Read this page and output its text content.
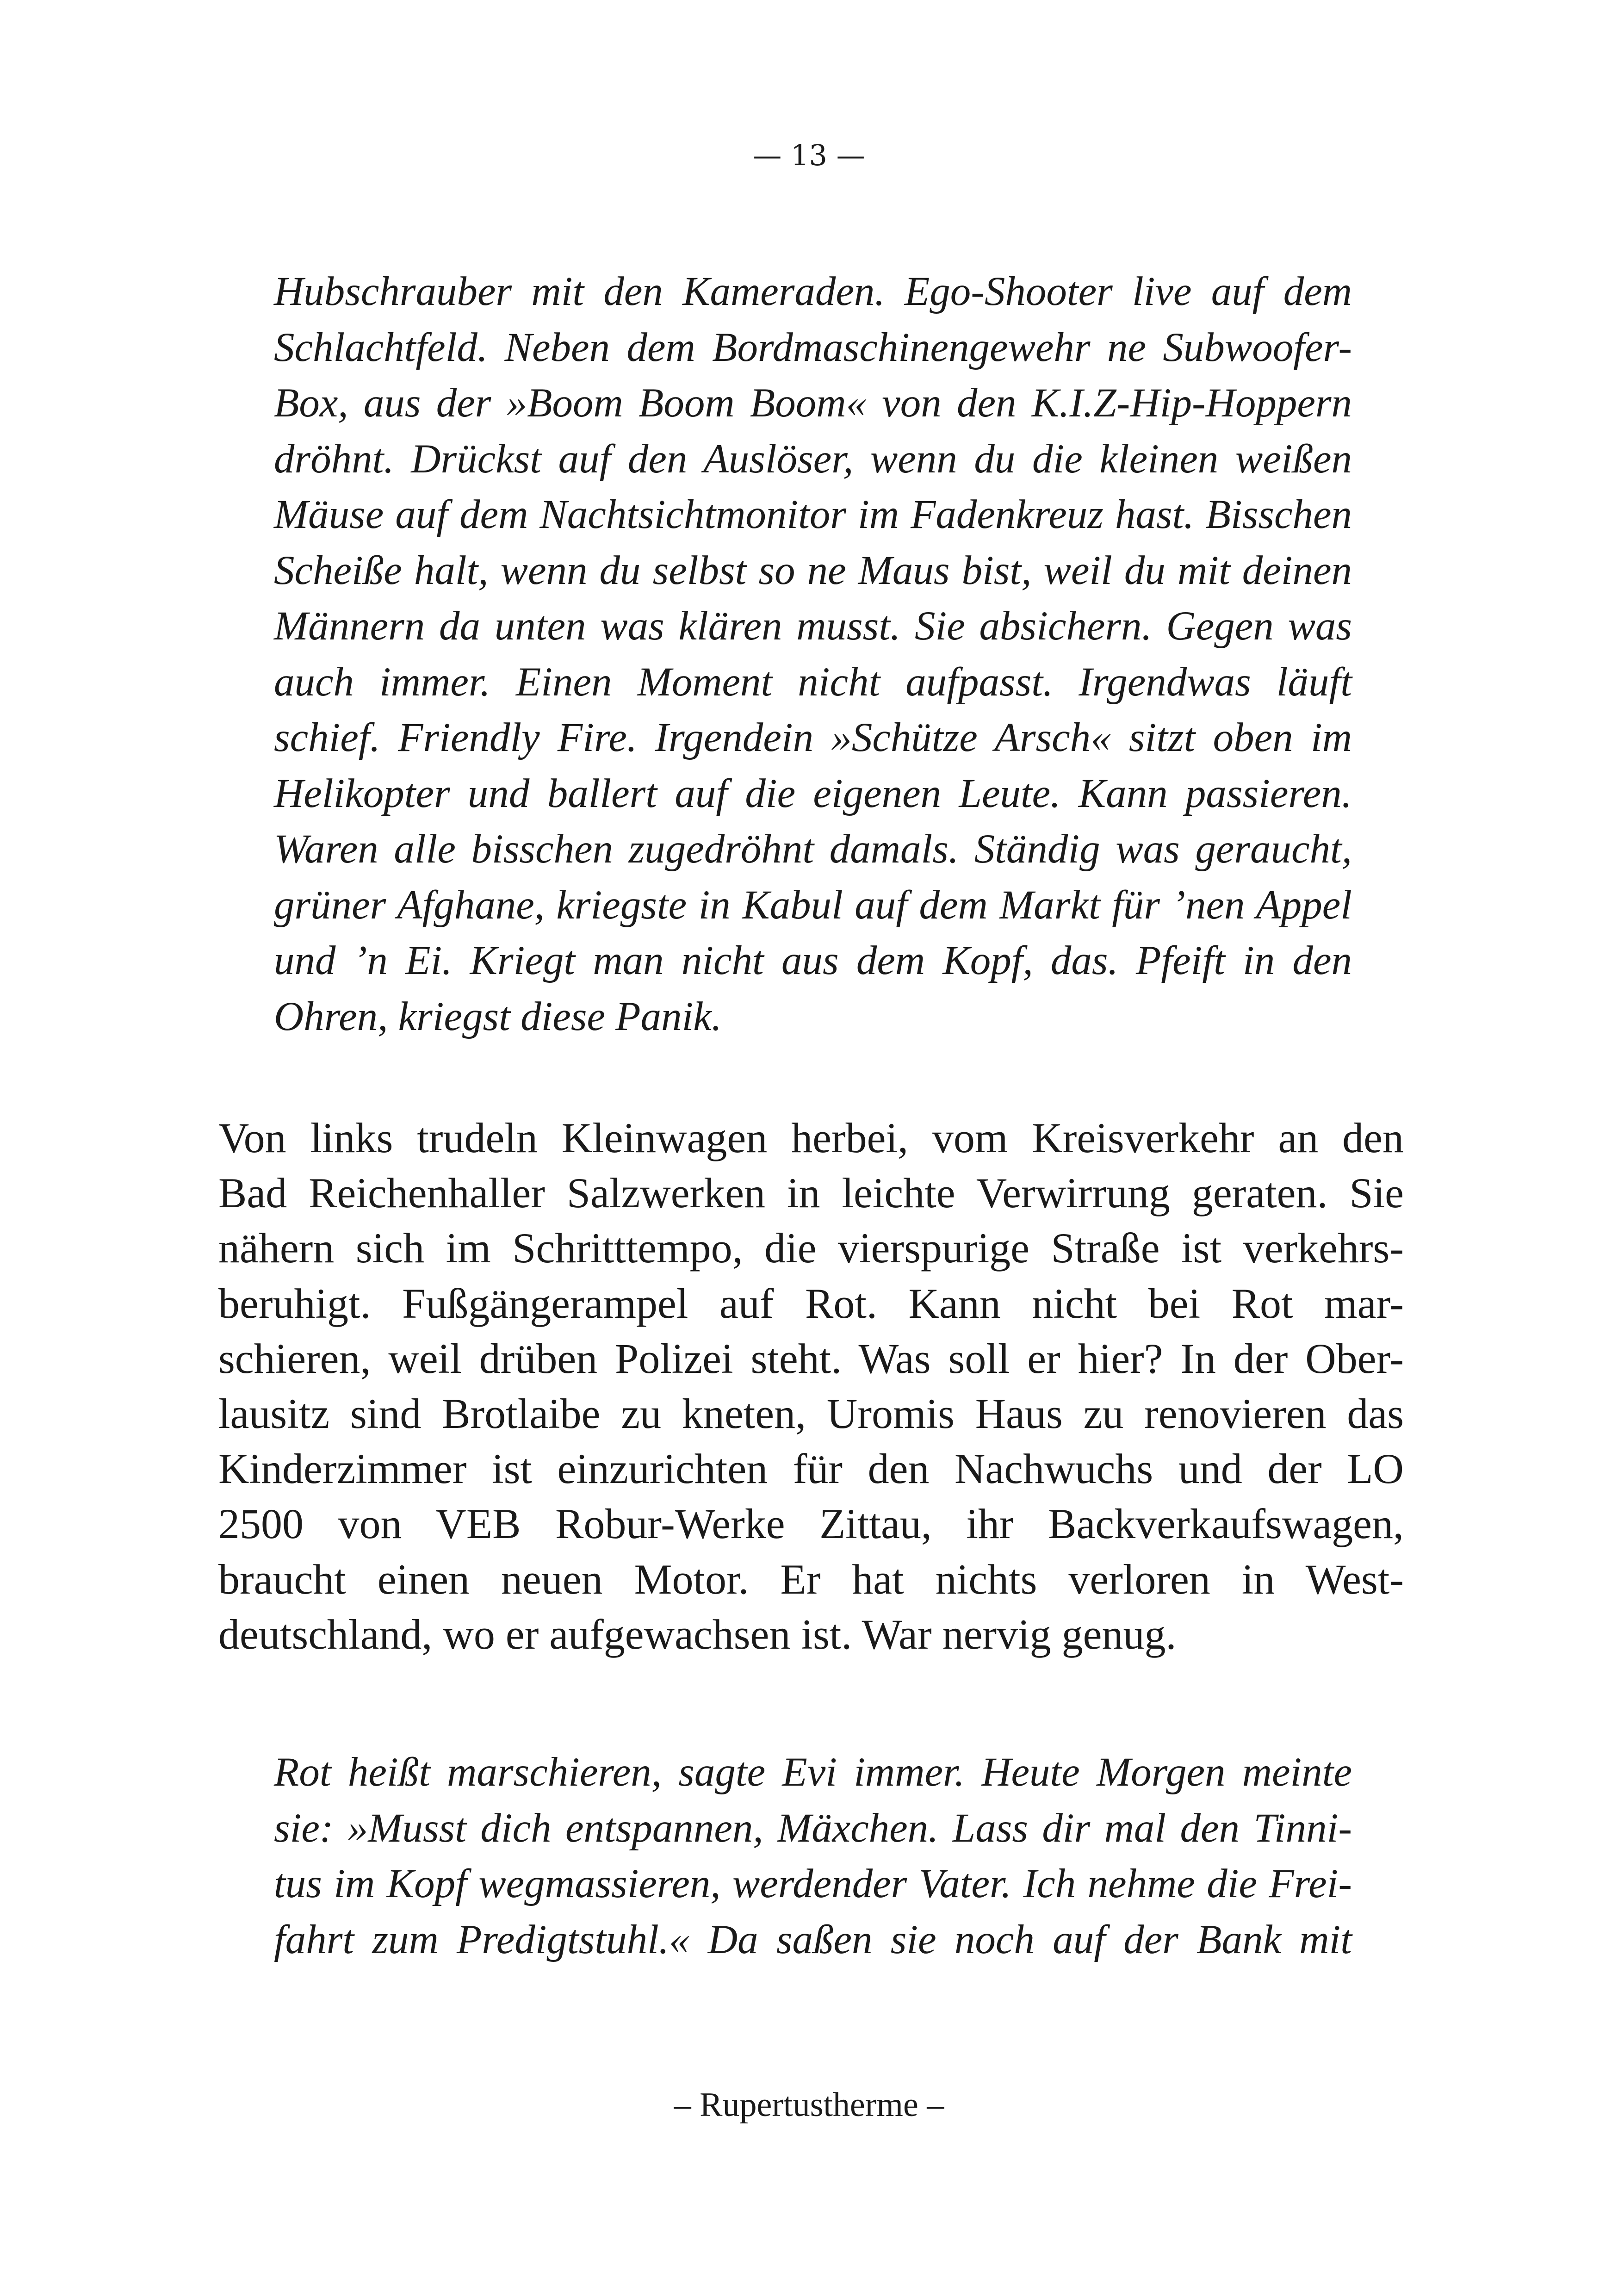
— 13 —
Hubschrauber mit den Kameraden. Ego-Shooter live auf dem
Schlachtfeld. Neben dem Bordmaschinengewehr ne Subwoofer-
Box, aus der »Boom Boom Boom« von den K.I.Z-Hip-Hoppern
dröhnt. Drückst auf den Auslöser, wenn du die kleinen weißen
Mäuse auf dem Nachtsichtmonitor im Fadenkreuz hast. Bisschen
Scheiße halt, wenn du selbst so ne Maus bist, weil du mit deinen
Männern da unten was klären musst. Sie absichern. Gegen was
auch immer. Einen Moment nicht aufpasst. Irgendwas läuft
schief. Friendly Fire. Irgendein »Schütze Arsch« sitzt oben im
Helikopter und ballert auf die eigenen Leute. Kann passieren.
Waren alle bisschen zugedröhnt damals. Ständig was geraucht,
grüner Afghane, kriegste in Kabul auf dem Markt für ’nen Appel
und ’n Ei. Kriegt man nicht aus dem Kopf, das. Pfeift in den
Ohren, kriegst diese Panik.
Von links trudeln Kleinwagen herbei, vom Kreisverkehr an den
Bad Reichenhaller Salzwerken in leichte Verwirrung geraten. Sie
nähern sich im Schritttempo, die vierspurige Straße ist verkehrs-
beruhigt. Fußgängerampel auf Rot. Kann nicht bei Rot mar-
schieren, weil drüben Polizei steht. Was soll er hier? In der Ober-
lausitz sind Brotlaibe zu kneten, Uromis Haus zu renovieren das
Kinderzimmer ist einzurichten für den Nachwuchs und der LO
2500 von VEB Robur-Werke Zittau, ihr Backverkaufswagen,
braucht einen neuen Motor. Er hat nichts verloren in West-
deutschland, wo er aufgewachsen ist. War nervig genug.
Rot heißt marschieren, sagte Evi immer. Heute Morgen meinte
sie: »Musst dich entspannen, Mäxchen. Lass dir mal den Tinni-
tus im Kopf wegmassieren, werdender Vater. Ich nehme die Frei-
fahrt zum Predigtstuhl.« Da saßen sie noch auf der Bank mit
– Rupertustherme –
